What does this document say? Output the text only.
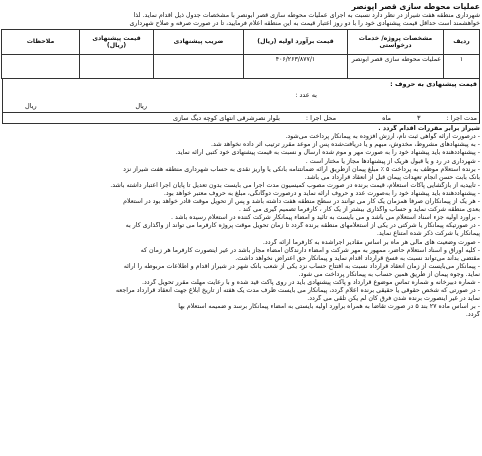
عملیات محوطه سازی قصر اپونصر
شهرداری منطقه هفت شیراز در نظر دارد نسبت به اجرای عملیات محوطه سازی قصر ابونصر با مشخصات جدول ذیل اقدام نماید. لذا
خواهشمند است حداقل قیمت پیشنهادی خود را با دو روز اعتبار قیمت به این منطقه اعلام فرمایید، تا در صورت صرفه و صلاح شهرداری
ردیف	مشخصات پروژه/ خدمات درخواستی	قیمت برآورد اولیه (ریال)	ضریب پیشنهادی	قیمت پیشنهادی (ریال)	ملاحظات
۱	عملیات محوطه سازی قصر ابونصر	۴۰۶/۲۶۳/۸۷۷/۱			
قیمت پیشنهادی به حروف :
به عدد :
ریال
ریال
مدت اجرا :
۳
ماه
محل اجرا :
بلوار نصرشرقی انتهای کوچه دیگ سازی
شیراز برابر مقررات اقدام گردد .
- درصورت ارائه گواهی ثبت نام، ارزش افزوده به پیمانکار پرداخت می‌شود.
- به پیشنهادهای مشروط، مخدوش، مبهم و یا دریافت‌شده پس از موعد مقرر ترتیب اثر داده نخواهد شد.
- پیشنهاددهنده باید پیشنهاد خود را به صورت مهر و موم شده ارسال و نسبت به قیمت پیشنهادی خود کتبی ارائه نماید.
- شهرداری در رد و یا قبول هریک از پیشنهادها مجاز یا مختار است .
- برنده استعلام موظف به پرداخت ۵ ٪ مبلغ پیمان ازطریق ارائه ضمانتنامه بانکی یا واریز نقدی به حساب شهرداری منطقه هفت شیراز نزد
بانک بابت حسن انجام تعهدات پیمان قبل از انعقاد قرارداد می باشد.
- تاییدیه از بازگشایی پاکات استعلام، قیمت برنده در صورت مصوب کمیسیون مدت اجرا می بایست بدون تعدیل تا پایان اجرا اعتبار داشته باشد.
- پیشنهاددهنده باید پیشنهاد خود را به‌صورت عدد و حروف ارائه نماید و درصورت دوگانگی، مبلغ به حروف معتبر خواهد بود.
- هر یک از پیمانکاران صرفا همزمان یک کار می توانند در سطح منطقه هفت داشته باشد و پس از تحویل موقت قادر خواهد بود در استعلام
بعدی منطقه شرکت نماید و حساب واگذاری بیشتر از یک کار ، کارفرما تصمیم گیری می کند .
- برآورد اولیه جزء اسناد استعلام می باشد و می بایست به تائید و امضاء پیمانکار شرکت کننده در استعلام رسیده باشد .
- در صورتیکه پیمانکار یا شرکتی در یکی از استعلامهای منطقه برنده گردد تا زمان تحویل موقت پروژه کارفرما می تواند از واگذاری کار به
پیمانکار یا شرکت ذکر شده امتناع نماید.
- صورت وضعیت های مالی هر ماه بر اساس مقادیر اجراشده به کارفرما ارائه گردد.
- کلیه اوراق و اسناد استعلام حاضر، ممهور به مهر شرکت و امضاء دارندگان امضاء مجاز باشد در غیر اینصورت کارفرما هر زمان که
مقتضی بداند می‌تواند نسبت به فسخ قرارداد اقدام نماید و پیمانکار حق اعتراض نخواهد داشت.
- پیمانکار می‌بایست از زمان انعقاد قرارداد نسبت به افتتاح حساب نزد یکی از شعب بانک شهر در شیراز اقدام و اطلاعات مربوطه را ارائه
نماید. وجوه پیمان از طریق همین حساب به پیمانکار پرداخت می شود.
- شماره دبیرخانه و شماره تماس موضوع قرارداد و پاکت پیشنهادی باید در روی پاکت قید شده و با رعایت مهلت مقرر تحویل گردد.
- در صورتی که شخص حقوقی یا حقیقی برنده اعلام گردد، پیمانکار می بایست ظرف مدت یک هفته از تاریخ ابلاغ جهت انعقاد قرارداد مراجعه
نماید در غیر اینصورت برنده شدن فرق کان لم یکن تلقی می گردد.
- بر اساس ماده ۲۷ بند ۵ در صورت تقاضا به همراه برآورد اولیه بایستی به امضاء پیمانکار برسد و ضمیمه استعلام بها
گردد.
